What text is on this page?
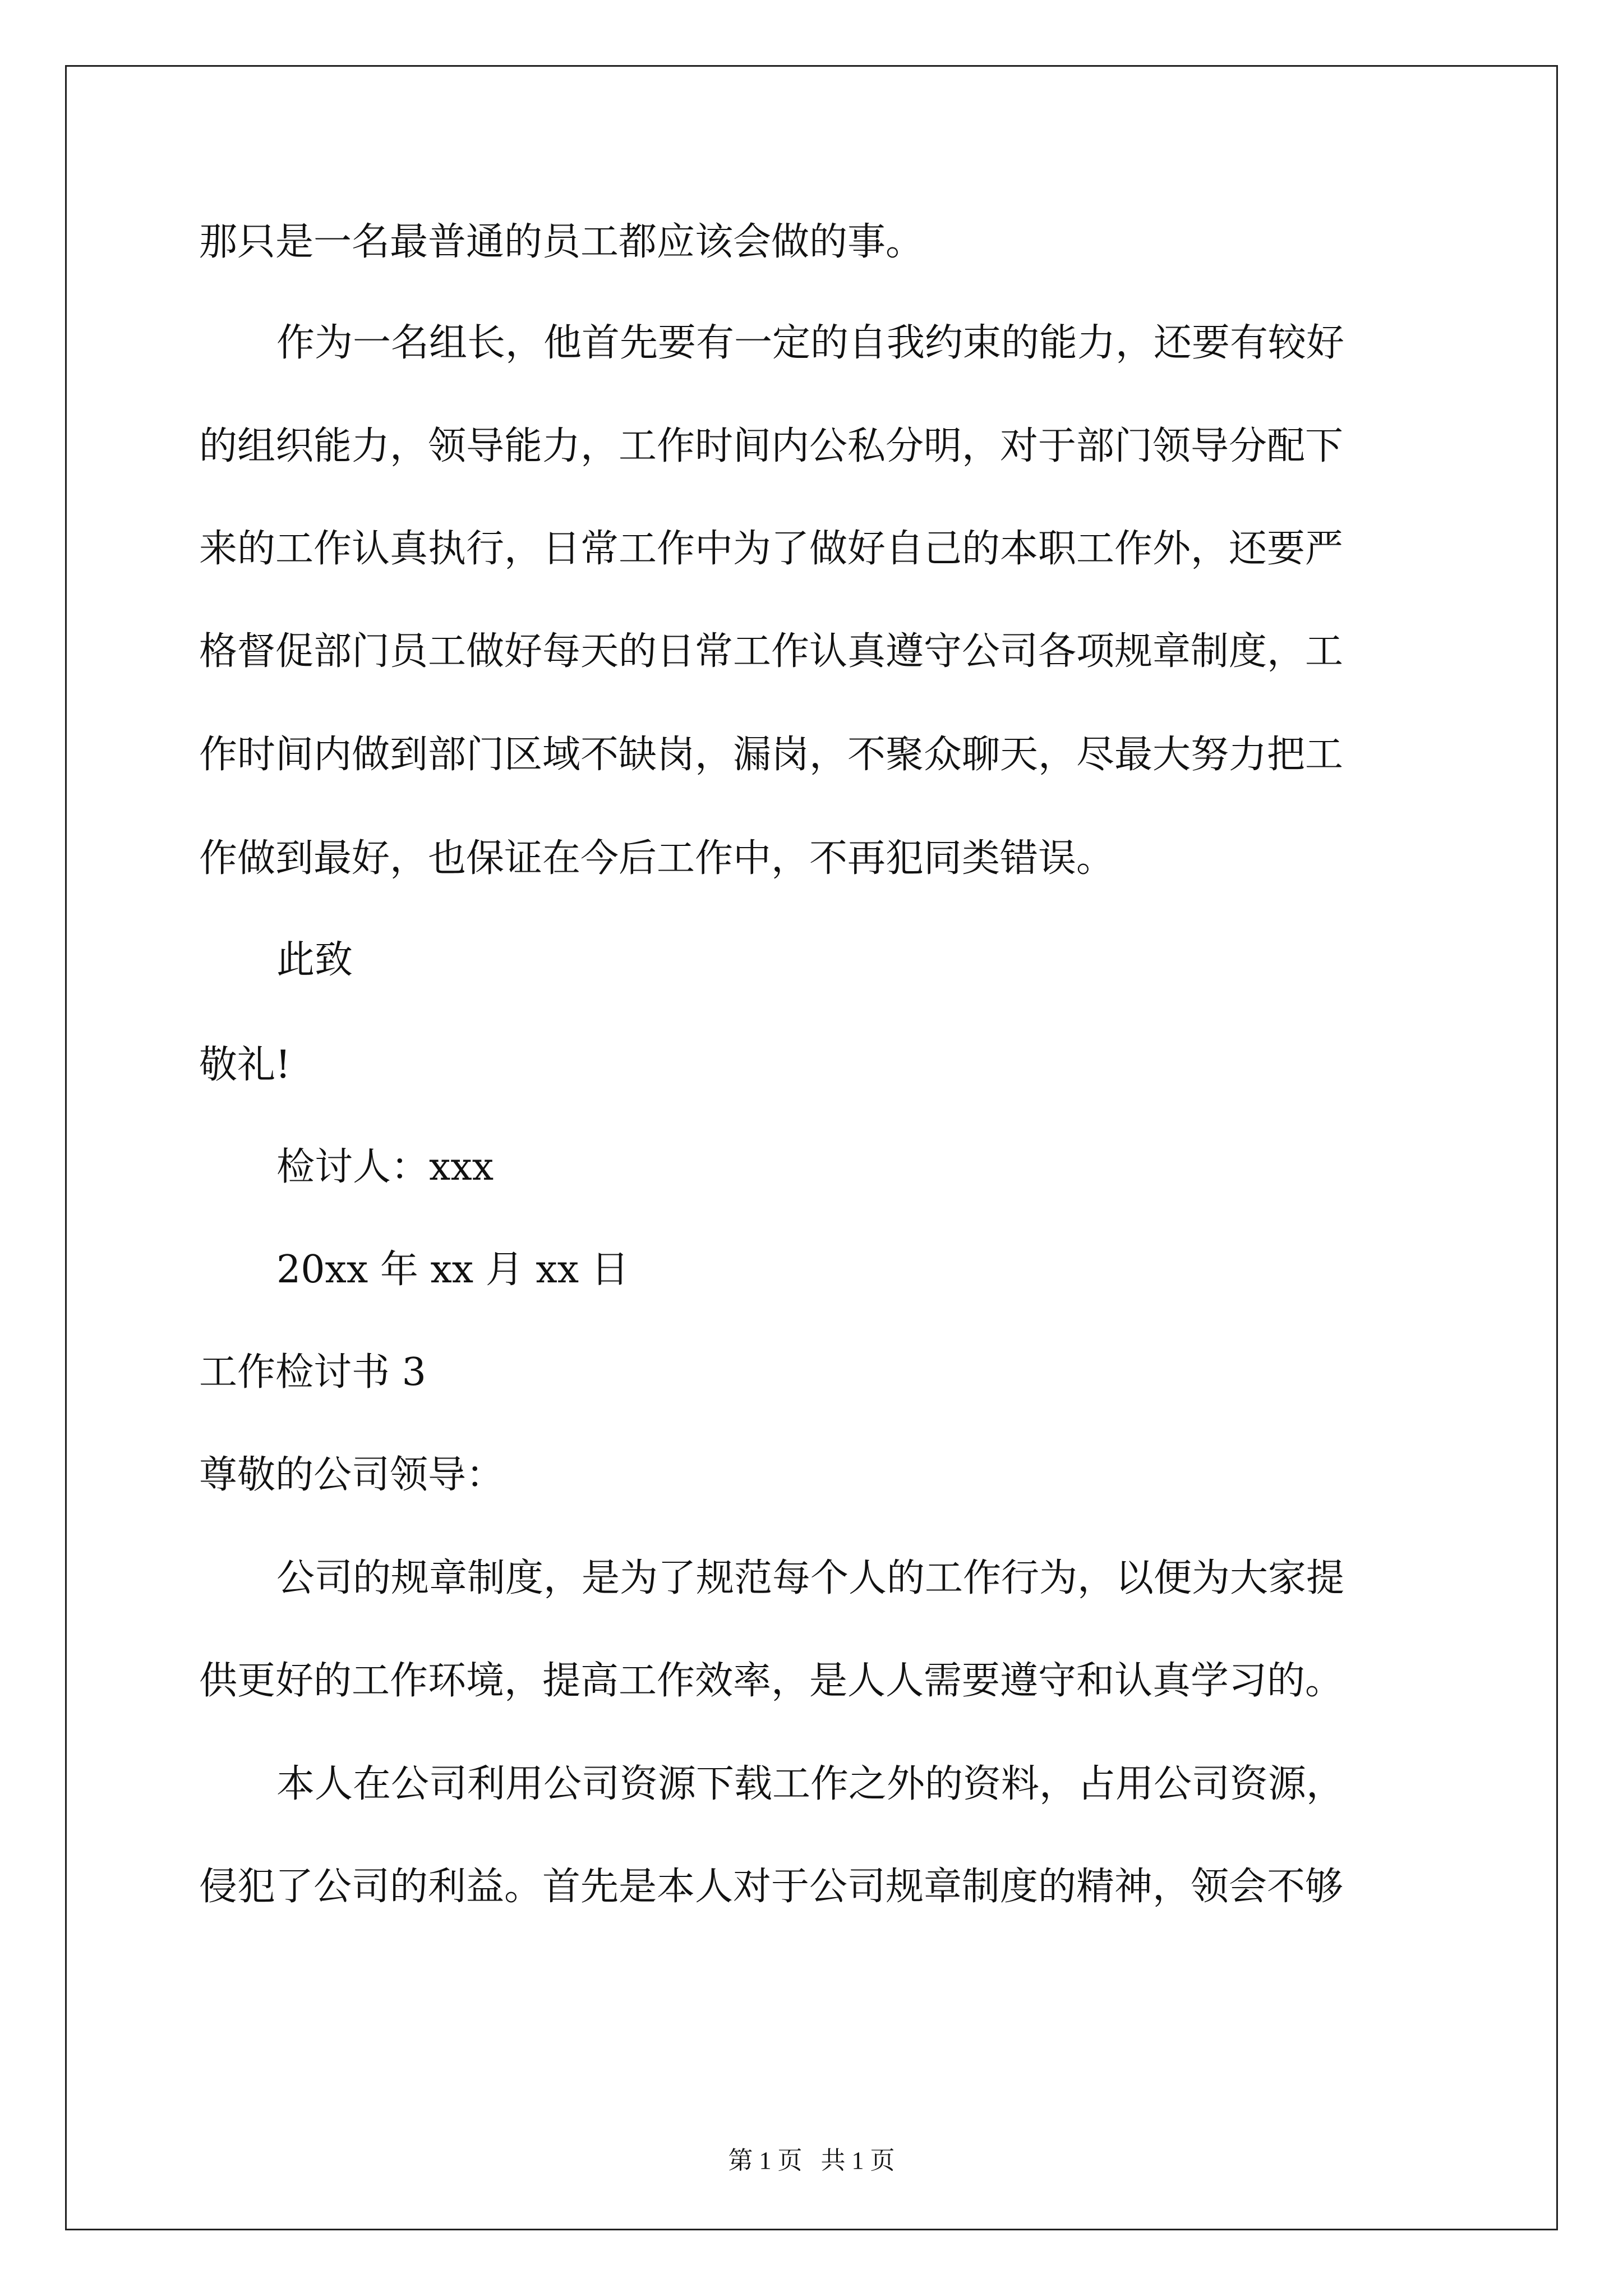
那只是一名最普通的员工都应该会做的事。
作为一名组长，他首先要有一定的自我约束的能力，还要有较好
的组织能力，领导能力，工作时间内公私分明，对于部门领导分配下
来的工作认真执行，日常工作中为了做好自己的本职工作外，还要严
格督促部门员工做好每天的日常工作认真遵守公司各项规章制度，工
作时间内做到部门区域不缺岗，漏岗，不聚众聊天，尽最大努力把工
作做到最好，也保证在今后工作中，不再犯同类错误。
此致
敬礼!
检讨人：xxx
20xx 年 xx 月 xx 日
工作检讨书 3
尊敬的公司领导：
公司的规章制度，是为了规范每个人的工作行为，以便为大家提
供更好的工作环境，提高工作效率，是人人需要遵守和认真学习的。
本人在公司利用公司资源下载工作之外的资料，占用公司资源，
侵犯了公司的利益。首先是本人对于公司规章制度的精神，领会不够
第 1 页   共 1 页
